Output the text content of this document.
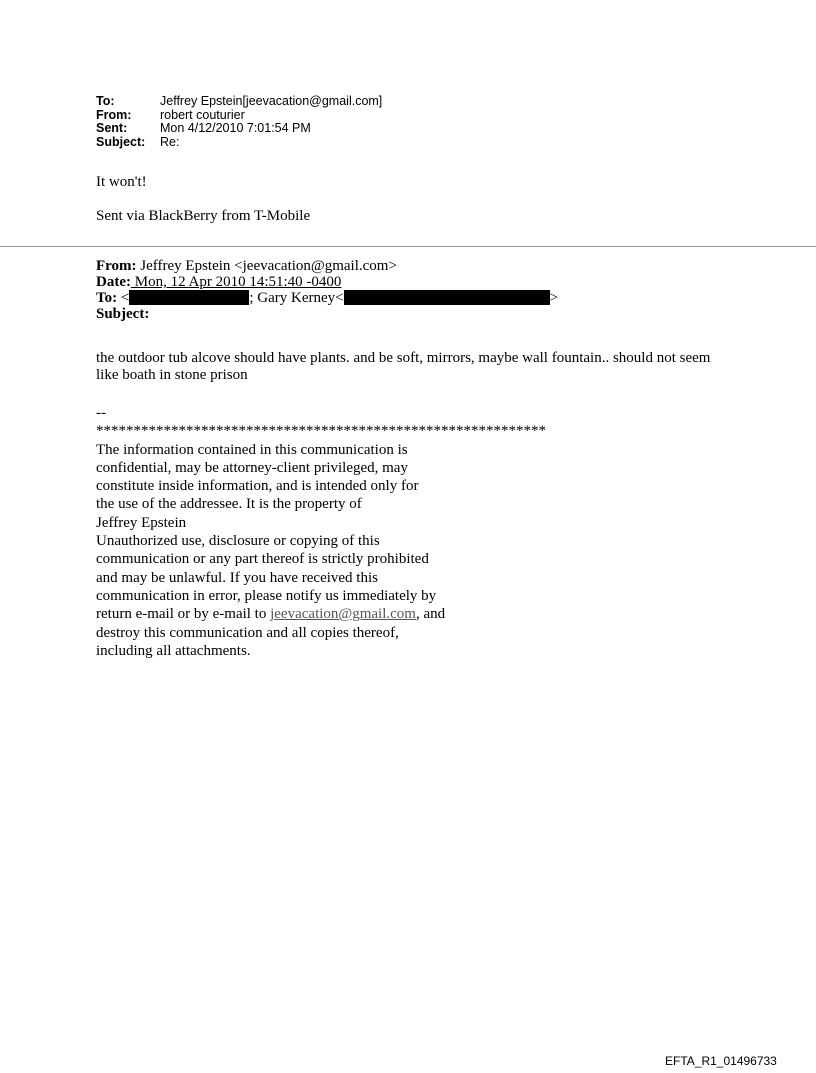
To:	Jeffrey Epstein[jeevacation@gmail.com]
From:	robert couturier
Sent:	Mon 4/12/2010 7:01:54 PM
Subject:	Re:
It won't!
Sent via BlackBerry from T-Mobile
From: Jeffrey Epstein <jeevacation@gmail.com>
Date: Mon, 12 Apr 2010 14:51:40 -0400
To: <	; Gary Kerney<	>
Subject:
the outdoor tub alcove should have plants. and be soft, mirrors, maybe wall fountain.. should not seem like boath in stone prison
--
************************************************************
The information contained in this communication is
confidential, may be attorney-client privileged, may
constitute inside information, and is intended only for
the use of the addressee. It is the property of
Jeffrey Epstein
Unauthorized use, disclosure or copying of this
communication or any part thereof is strictly prohibited
and may be unlawful. If you have received this
communication in error, please notify us immediately by
return e-mail or by e-mail to jeevacation@gmail.com, and
destroy this communication and all copies thereof,
including all attachments.
EFTA_R1_01496733
